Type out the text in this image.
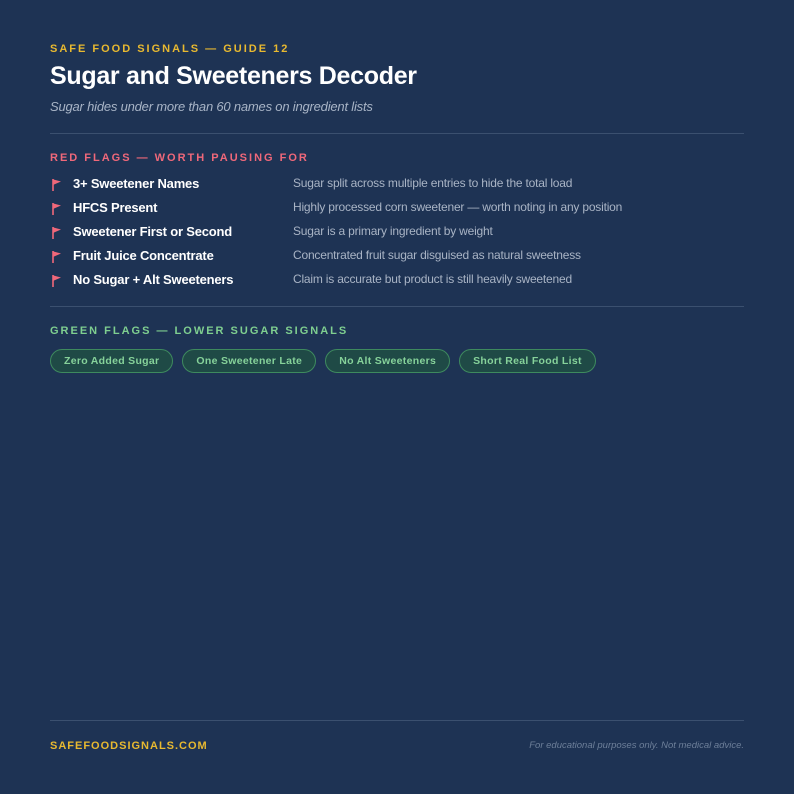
SAFE FOOD SIGNALS — GUIDE 12
Sugar and Sweeteners Decoder
Sugar hides under more than 60 names on ingredient lists
RED FLAGS — WORTH PAUSING FOR
3+ Sweetener Names	Sugar split across multiple entries to hide the total load
HFCS Present	Highly processed corn sweetener — worth noting in any position
Sweetener First or Second	Sugar is a primary ingredient by weight
Fruit Juice Concentrate	Concentrated fruit sugar disguised as natural sweetness
No Sugar + Alt Sweeteners	Claim is accurate but product is still heavily sweetened
GREEN FLAGS — LOWER SUGAR SIGNALS
Zero Added Sugar	One Sweetener Late	No Alt Sweeteners	Short Real Food List
SAFEFOODSIGNALS.COM	For educational purposes only. Not medical advice.
